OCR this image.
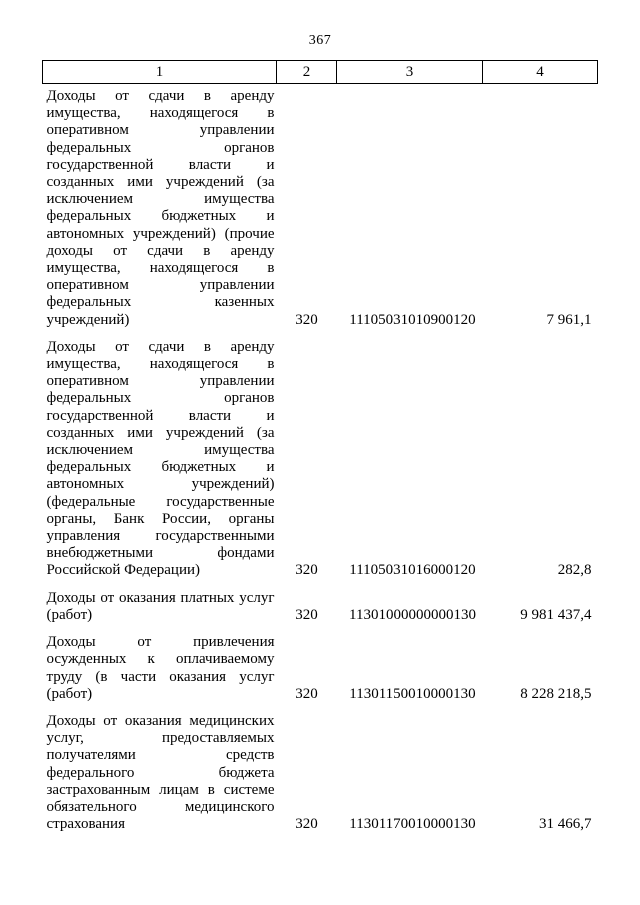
367
1	2	3	4
Доходы от сдачи в аренду имущества, находящегося в оперативном управлении федеральных органов государственной власти и созданных ими учреждений (за исключением имущества федеральных бюджетных и автономных учреждений) (прочие доходы от сдачи в аренду имущества, находящегося в оперативном управлении федеральных казенных учреждений)	320	11105031010900120	7 961,1
Доходы от сдачи в аренду имущества, находящегося в оперативном управлении федеральных органов государственной власти и созданных ими учреждений (за исключением имущества федеральных бюджетных и автономных учреждений) (федеральные государственные органы, Банк России, органы управления государственными внебюджетными фондами Российской Федерации)	320	11105031016000120	282,8
Доходы от оказания платных услуг (работ)	320	11301000000000130	9 981 437,4
Доходы от привлечения осужденных к оплачиваемому труду (в части оказания услуг (работ)	320	11301150010000130	8 228 218,5
Доходы от оказания медицинских услуг, предоставляемых получателями средств федерального бюджета застрахованным лицам в системе обязательного медицинского страхования	320	11301170010000130	31 466,7
